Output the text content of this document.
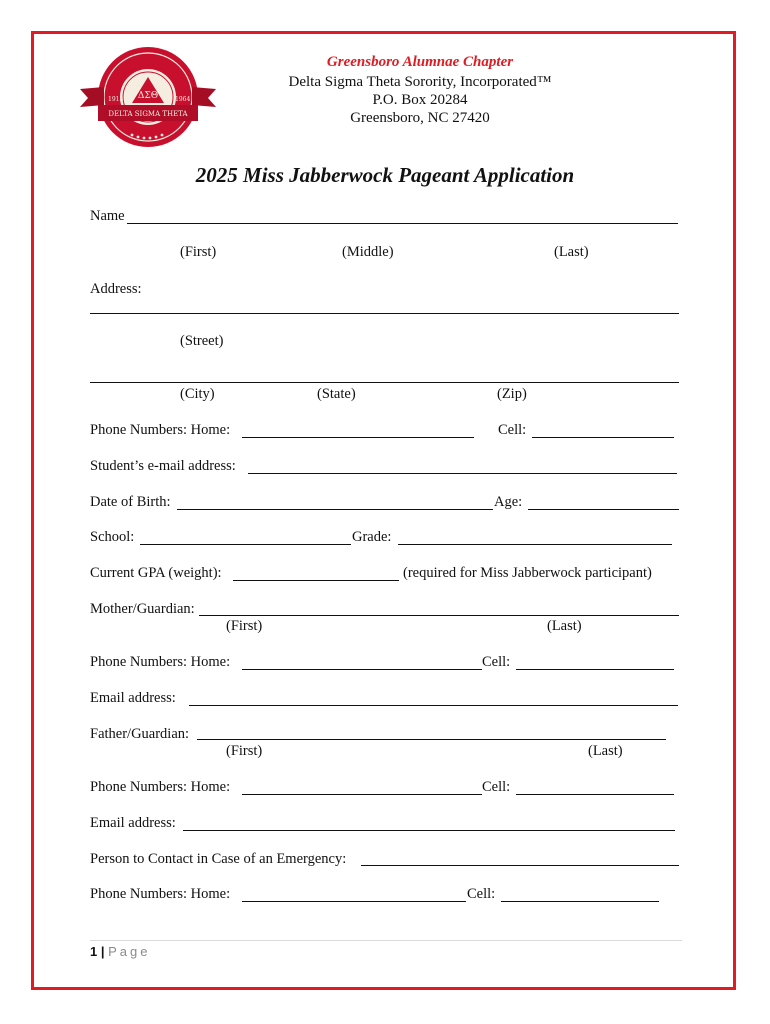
ΔΣΘ
DELTA SIGMA THETA
1913	1964
Greensboro Alumnae Chapter
Delta Sigma Theta Sorority, Incorporated™
P.O. Box 20284
Greensboro, NC 27420
2025 Miss Jabberwock Pageant Application
Name
(First)	(Middle)	(Last)
Address:
(Street)
(City)	(State)	(Zip)
Phone Numbers: Home:	Cell:
Student’s e-mail address:
Date of Birth:	Age:
School:	Grade:
Current GPA (weight):	(required for Miss Jabberwock participant)
Mother/Guardian:
(First)	(Last)
Phone Numbers: Home:	Cell:
Email address:
Father/Guardian:
(First)	(Last)
Phone Numbers: Home:	Cell:
Email address:
Person to Contact in Case of an Emergency:
Phone Numbers: Home:	Cell:
1 | Page
